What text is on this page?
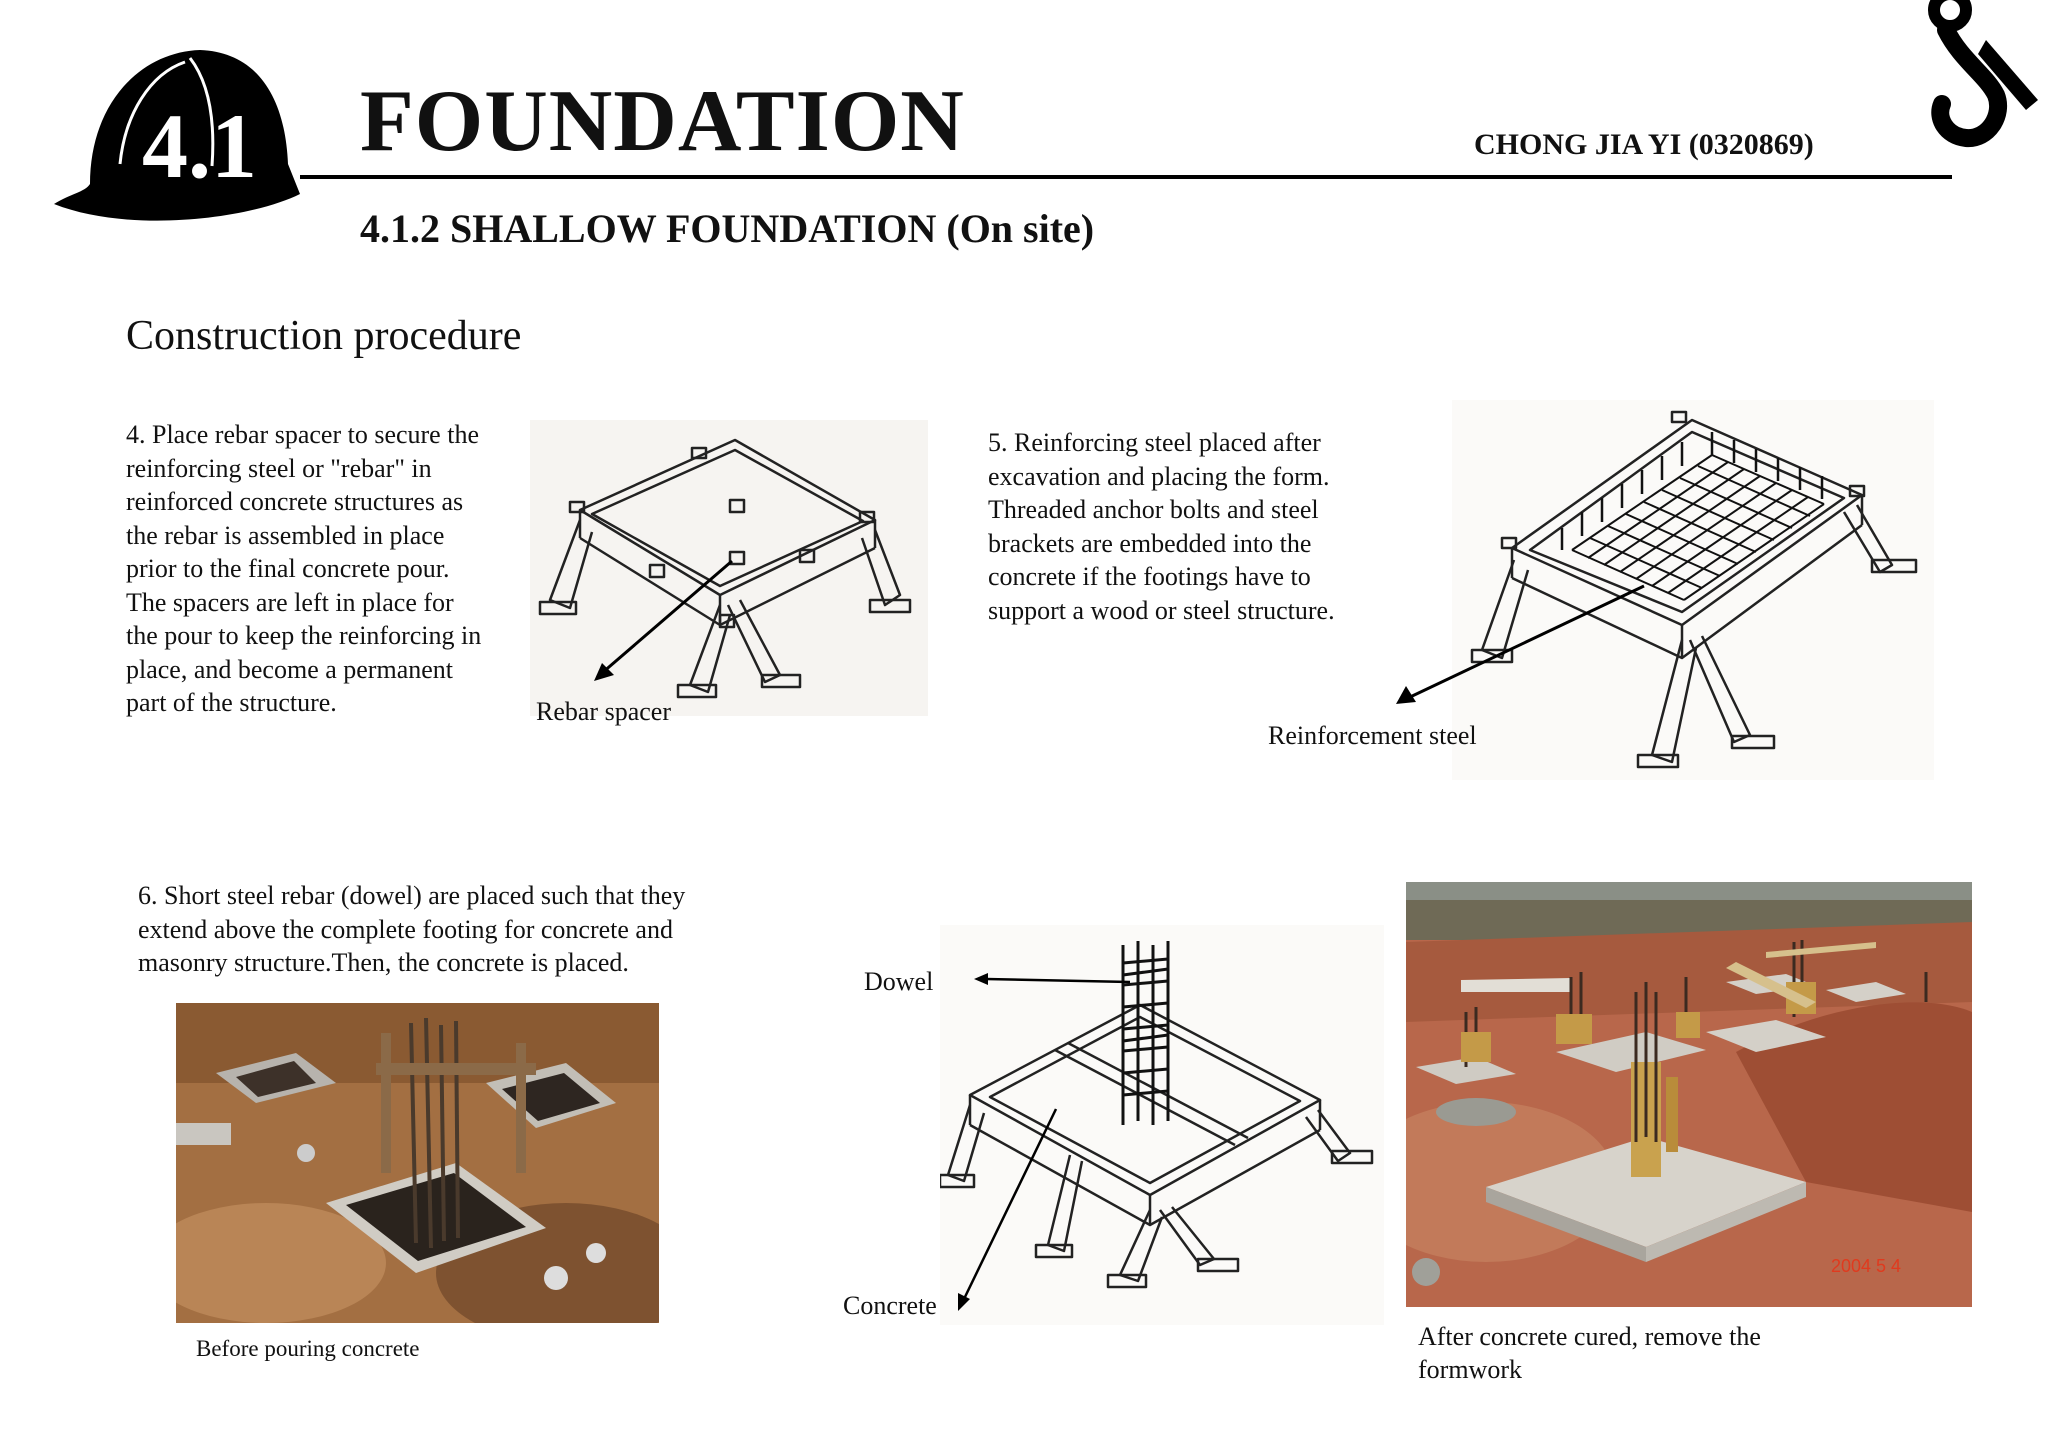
4.1 FOUNDATION	CHONG JIA YI (0320869)
4.1.2 SHALLOW FOUNDATION (On site)
Construction procedure
4. Place rebar spacer to secure the
reinforcing steel or "rebar" in
reinforced concrete structures as
the rebar is assembled in place
prior to the final concrete pour.
The spacers are left in place for
the pour to keep the reinforcing in
place, and become a permanent
part of the structure.	Rebar spacer
5. Reinforcing steel placed after
excavation and placing the form.
Threaded anchor bolts and steel
brackets are embedded into the
concrete if the footings have to
support a wood or steel structure.
Reinforcement steel
6. Short steel rebar (dowel) are placed such that they
extend above the complete footing for concrete and
masonry structure.Then, the concrete is placed.
Before pouring concrete
Dowel
Concrete
2004 5 4
After concrete cured, remove the
formwork
